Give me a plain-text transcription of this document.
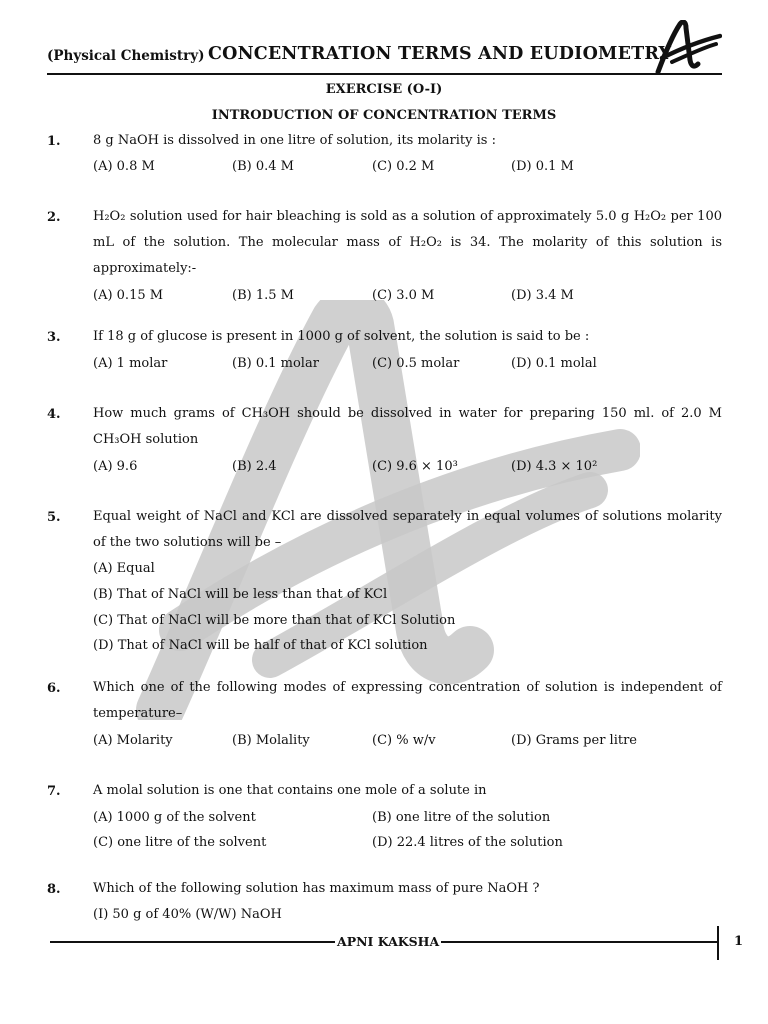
(Physical Chemistry) CONCENTRATION TERMS AND EUDIOMETRY
EXERCISE (O-I)
INTRODUCTION OF CONCENTRATION TERMS
1. 8 g NaOH is dissolved in one litre of solution, its molarity is :
(A) 0.8 M	(B) 0.4 M	(C) 0.2 M	(D) 0.1 M
2. H₂O₂ solution used for hair bleaching is sold as a solution of approximately 5.0 g H₂O₂ per 100 mL of the solution. The molecular mass of H₂O₂ is 34. The molarity of this solution is approximately:-
(A) 0.15 M	(B) 1.5 M	(C) 3.0 M	(D) 3.4 M
3. If 18 g of glucose is present in 1000 g of solvent, the solution is said to be :
(A) 1 molar	(B) 0.1 molar	(C) 0.5 molar	(D) 0.1 molal
4. How much grams of CH₃OH should be dissolved in water for preparing 150 ml. of 2.0 M CH₃OH solution
(A) 9.6	(B) 2.4	(C) 9.6 × 10³	(D) 4.3 × 10²
5. Equal weight of NaCl and KCl are dissolved separately in equal volumes of solutions molarity of the two solutions will be –
(A) Equal
(B) That of NaCl will be less than that of KCl
(C) That of NaCl will be more than that of KCl Solution
(D) That of NaCl will be half of that of KCl solution
6. Which one of the following modes of expressing concentration of solution is independent of temperature–
(A) Molarity	(B) Molality	(C) % w/v	(D) Grams per litre
7. A molal solution is one that contains one mole of a solute in
(A) 1000 g of the solvent	(B) one litre of the solution
(C) one litre of the solvent	(D) 22.4 litres of the solution
8. Which of the following solution has maximum mass of pure NaOH ?
(I) 50 g of 40% (W/W) NaOH
APNI KAKSHA	1
